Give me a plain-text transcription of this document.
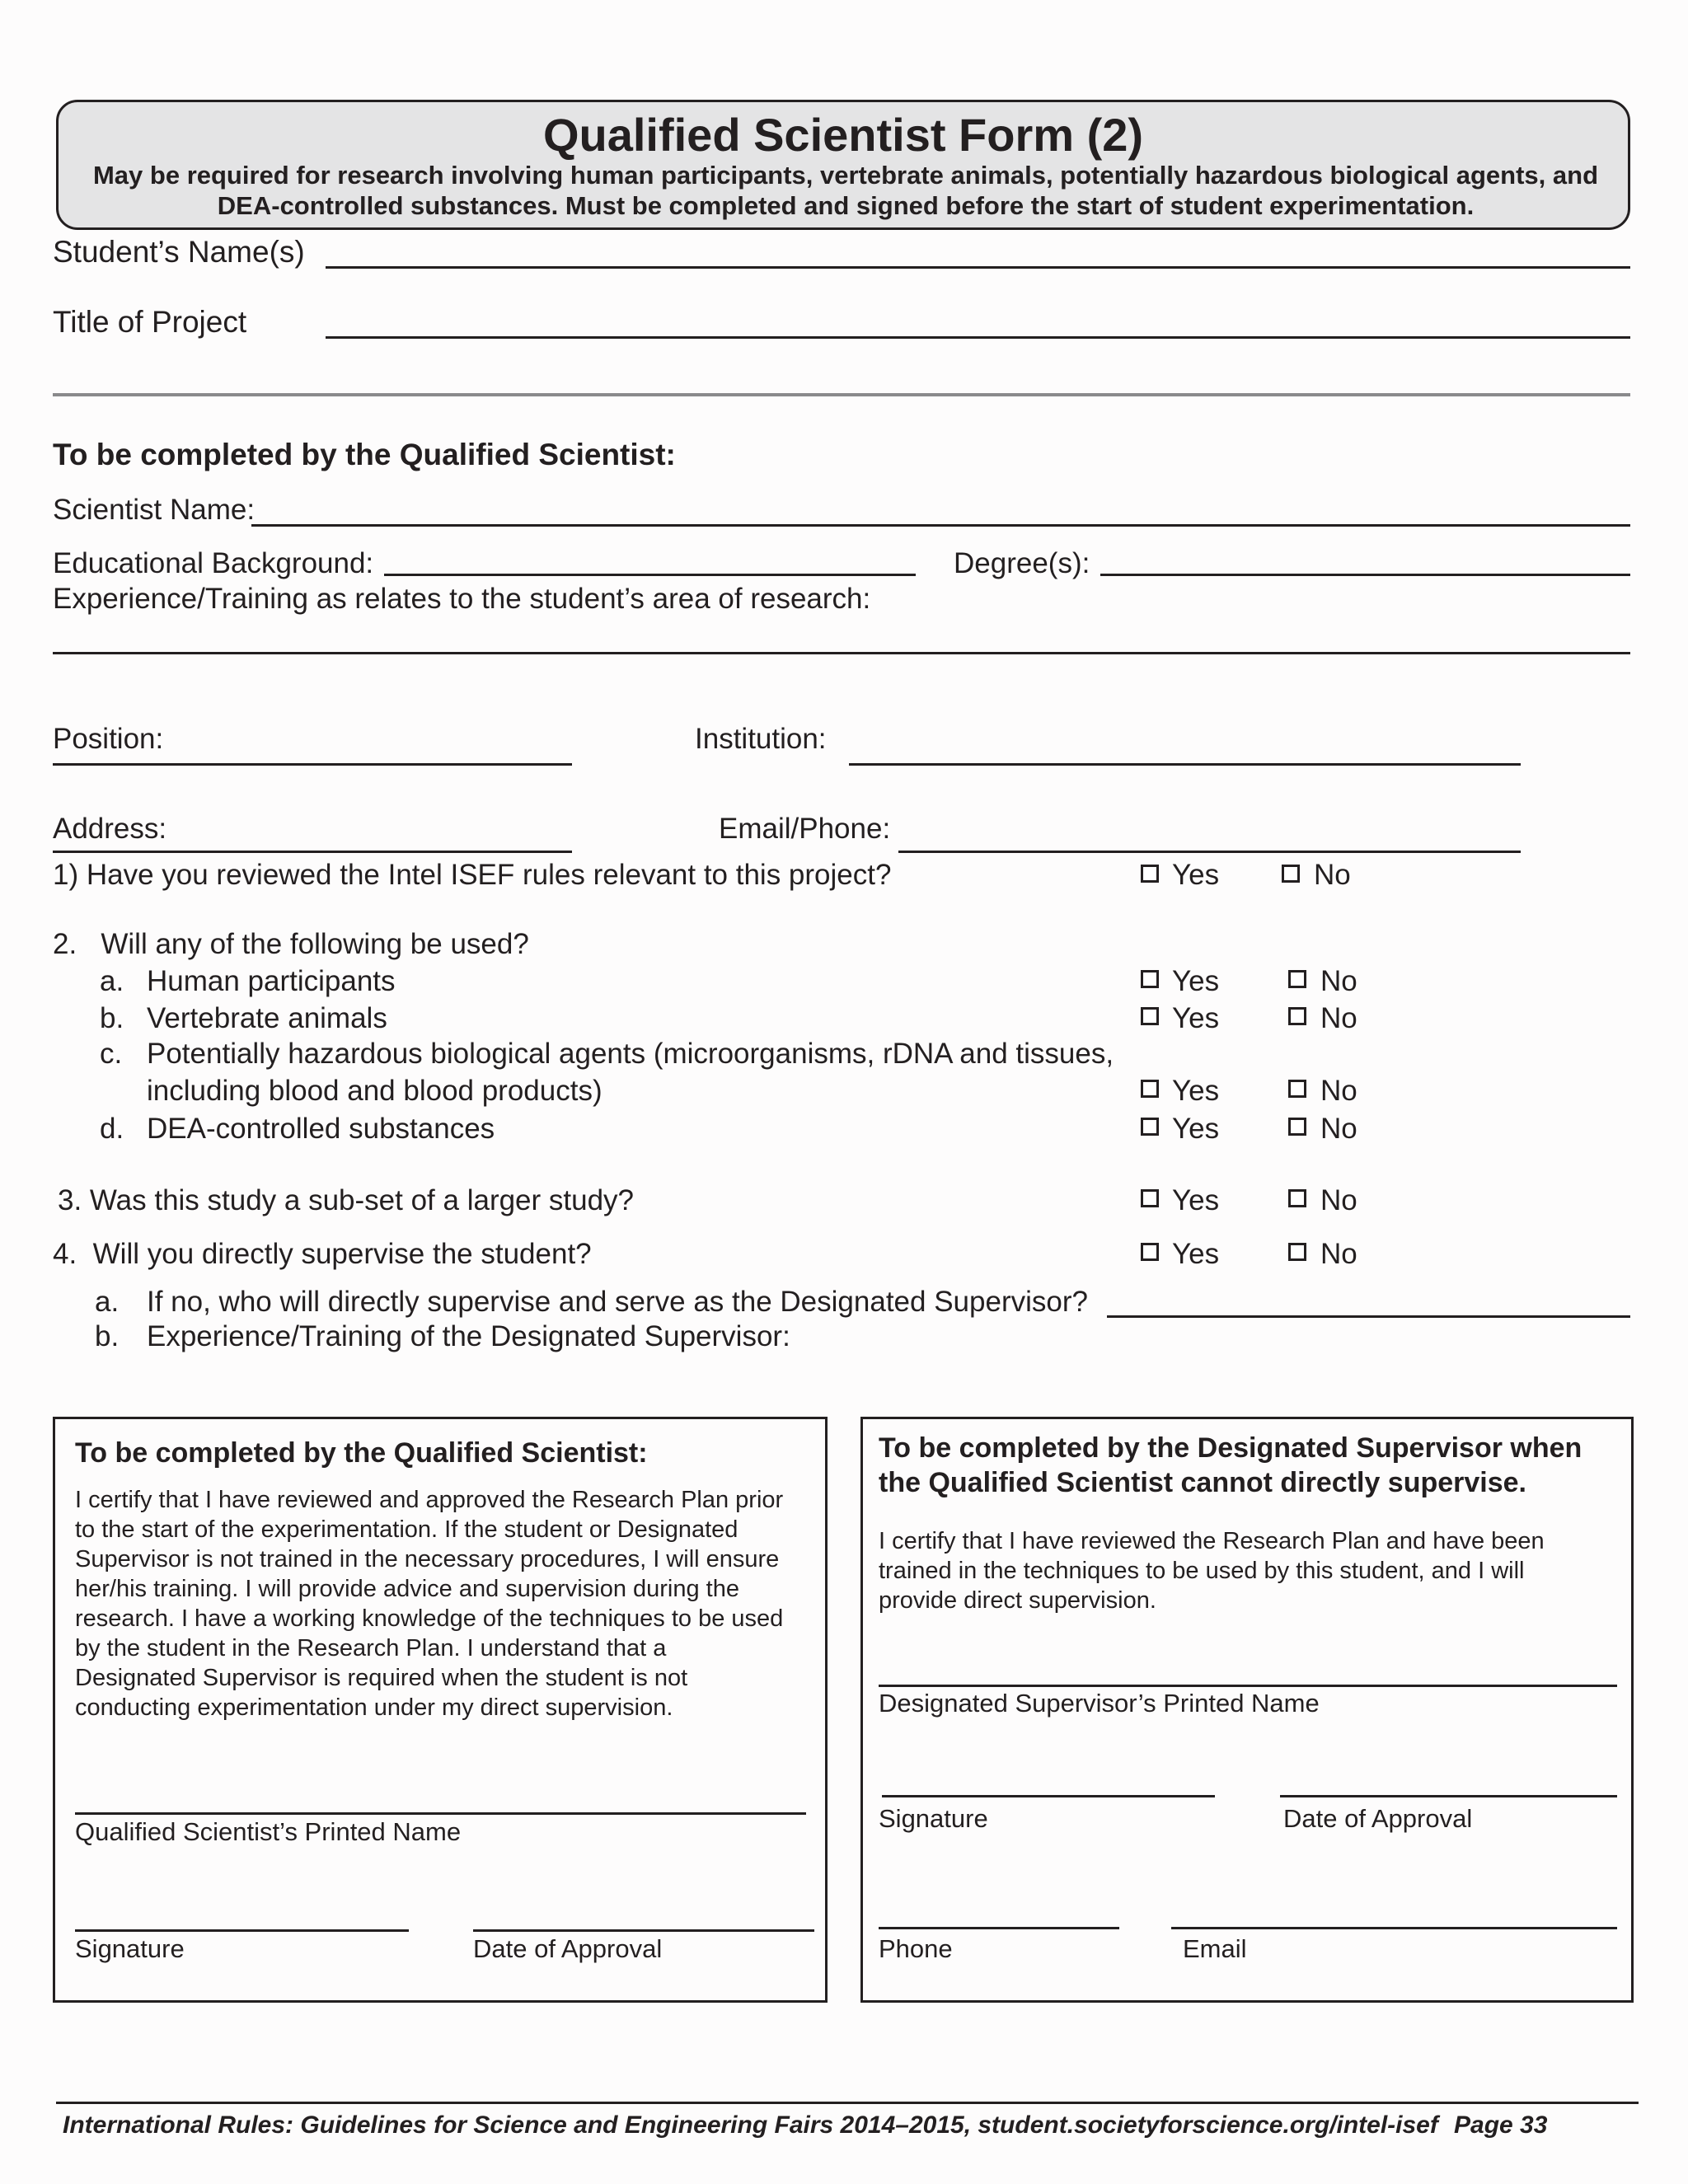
Qualified Scientist Form (2)
May be required for research involving human participants, vertebrate animals, potentially hazardous biological agents, and DEA-controlled substances. Must be completed and signed before the start of student experimentation.
Student’s Name(s)
Title of Project
To be completed by the Qualified Scientist:
Scientist Name:
Educational Background:	Degree(s):
Experience/Training as relates to the student’s area of research:
Position:	Institution:
Address:	Email/Phone:
1) Have you reviewed the Intel ISEF rules relevant to this project?	Yes	No
2.   Will any of the following be used?
a. Human participants	Yes	No
b. Vertebrate animals	Yes	No
c. Potentially hazardous biological agents (microorganisms, rDNA and tissues,
including blood and blood products)	Yes	No
d. DEA-controlled substances	Yes	No
3. Was this study a sub-set of a larger study?	Yes	No
4.  Will you directly supervise the student?	Yes	No
a. If no, who will directly supervise and serve as the Designated Supervisor?
b. Experience/Training of the Designated Supervisor:
To be completed by the Qualified Scientist:
I certify that I have reviewed and approved the Research Plan prior to the start of the experimentation. If the student or Designated Supervisor is not trained in the necessary procedures, I will ensure her/his training. I will provide advice and supervision during the research. I have a working knowledge of the techniques to be used by the student in the Research Plan. I understand that a Designated Supervisor is required when the student is not conducting experimentation under my direct supervision.
Qualified Scientist’s Printed Name
Signature	Date of Approval
To be completed by the Designated Supervisor when the Qualified Scientist cannot directly supervise.
I certify that I have reviewed the Research Plan and have been trained in the techniques to be used by this student, and I will provide direct supervision.
Designated Supervisor’s Printed Name
Signature	Date of Approval
Phone	Email
International Rules: Guidelines for Science and Engineering Fairs 2014–2015, student.societyforscience.org/intel-isef Page 33
